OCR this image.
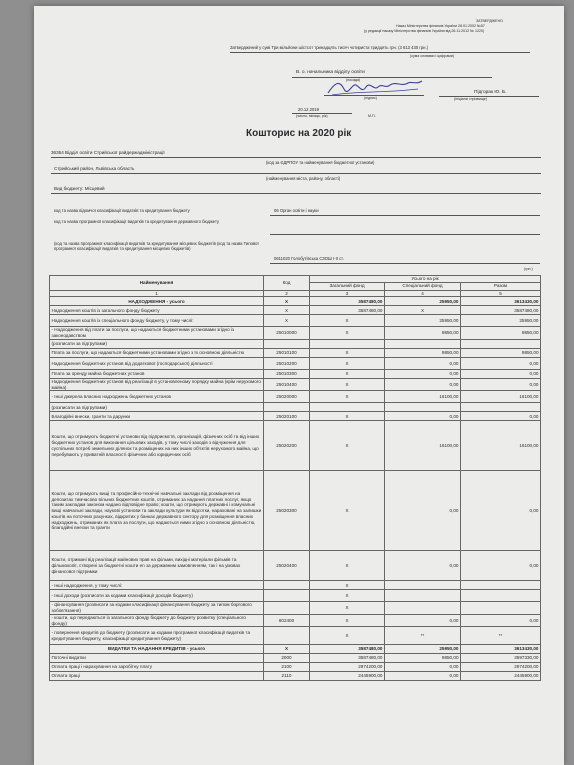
ЗАТВЕРДЖЕНО
Наказ Міністерства фінансів України 28.01.2002 №57
(у редакції наказу Міністерства фінансів України від 26.11.2012 № 1220)
Затверджений у сумі Три мільйони шістсот тринадцять тисяч чотириста тридцять грн. (3 613 430 грн.)
(сума словами і цифрами)
В. о. начальника відділу освіти
(посада)
(підпис)
Підгорак Ю. Б.
(ініціали і прізвище)
20.12.2019
(число, місяць, рік)	М.П.
Кошторис на 2020 рік
36364 Відділ освіти Стрийської райдержадміністрації
(код за ЄДРПОУ та найменування бюджетної установи)
Стрийський район, Львівська область
(найменування міста, району, області)
Вид бюджету: Місцевий
код та назва відомчої класифікації видатків та кредитування бюджету	06 Орган освіти і науки
код та назва програмної класифікації видатків та кредитування державного бюджету
(код та назва програмної класифікації видатків та кредитування місцевих бюджетів (код та назва Типової програмної класифікації видатків та кредитування місцевих бюджетів)
0611020 Голобутівська СЗОШ І-ІІ ст.
(грн.)
Найменування	Код	Усього на рік		
		Загальний фонд	Спеціальний фонд	Разом
1	2	3	4	5
НАДХОДЖЕННЯ - усього	Х	3587480,00	25950,00	3613430,00
Надходження коштів із загального фонду бюджету	Х	3587480,00	Х	3587480,00
Надходження коштів із спеціального фонду бюджету, у тому числі:	Х	Х	25950,00	25950,00
- Надходження від плати за послуги, що надаються бюджетними установами згідно із законодавством	25010000	Х	9850,00	9850,00
(розписати за підгрупами)				
Плата за послуги, що надаються бюджетними установами згідно з їх основною діяльністю	25010100	Х	9850,00	9850,00
Надходження бюджетних установ від додаткової (господарської) діяльності	25010200	Х	0,00	0,00
Плата за оренду майна бюджетних установ	25010300	Х	0,00	0,00
Надходження бюджетних установ від реалізації в установленому порядку майна (крім нерухомого майна)	25010400	Х	0,00	0,00
- Інші джерела власних надходжень бюджетних установ	25020000	Х	16100,00	16100,00
(розписати за підгрупами)				
Благодійні внески, гранти та дарунки	25020100	Х	0,00	0,00
Кошти, що отримують бюджетні установи від підприємств, організацій, фізичних осіб та від інших бюджетних установ для виконання цільових заходів, у тому числі заходів з відчуження для суспільних потреб земельних ділянок та розміщених на них інших об'єктів нерухомого майна, що перебувають у приватній власності фізичних або юридичних осіб	25020200	Х	16100,00	16100,00
Кошти, що отримують вищі та професійно-технічні навчальні заклади від розміщення на депозитах тимчасово вільних бюджетних коштів, отриманих за надання платних послуг, якщо таким закладам законом надано відповідне право; кошти, що отримують державні і комунальні вищі навчальні заклади, наукові установи та заклади культури як відсотки, нараховані на залишки коштів на поточних рахунках, відкритих у банках державного сектору для розміщення власних надходжень, отриманих як плата за послуги, що надаються ними згідно з основною діяльністю, благодійні внески та гранти	25020300	Х	0,00	0,00
Кошти, отримані від реалізації майнових прав на фільми, вихідні матеріали фільмів та фільмокопії, створені за бюджетні кошти en за державним замовленням, так і на умовах фінансової підтримки	25020400	Х	0,00	0,00
- Інші надходження, у тому числі:		Х		
- Інші доходи (розписати за кодами класифікації доходів бюджету)		Х		
- фінансування (розписати за кодами класифікації фінансування бюджету за типом боргового зобов'язання)		Х		
- кошти, що передаються із загального фонду бюджету до бюджету розвитку (спеціального фонду)	602400	Х	0,00	0,00
- повернення кредитів до бюджету (розписати за кодами програмної класифікації видатків та кредитування бюджету, класифікації кредитування бюджету)		Х	**	**
ВИДАТКИ ТА НАДАННЯ КРЕДИТІВ - усього	Х	3587480,00	25950,00	3613430,00
Поточні видатки	2000	3587480,00	9850,00	3597330,00
Оплата праці і нарахування на заробітну плату	2100	2974200,00	0,00	2974200,00
Оплата праці	2110	2445900,00	0,00	2445900,00
